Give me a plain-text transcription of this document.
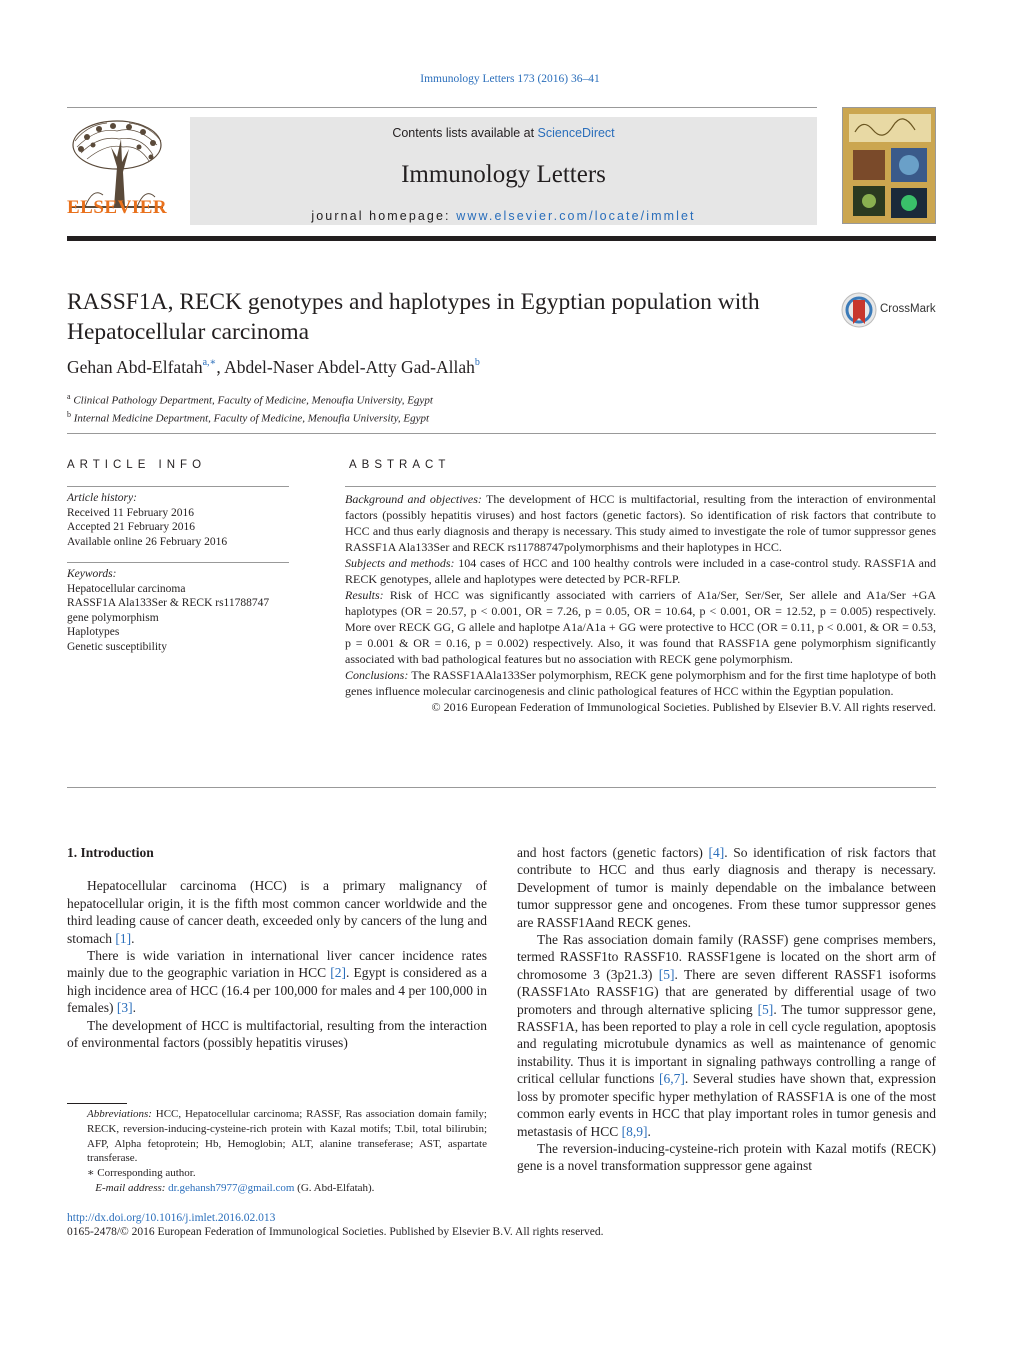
Immunology Letters 173 (2016) 36–41
ELSEVIER
Contents lists available at ScienceDirect
Immunology Letters
journal homepage: www.elsevier.com/locate/immlet
RASSF1A, RECK genotypes and haplotypes in Egyptian population with Hepatocellular carcinoma
CrossMark
Gehan Abd-Elfatah$^{a,∗}$, Abdel-Naser Abdel-Atty Gad-Allah$^b$
$^a$ Clinical Pathology Department, Faculty of Medicine, Menoufia University, Egypt
$^b$ Internal Medicine Department, Faculty of Medicine, Menoufia University, Egypt
ARTICLE INFO	ABSTRACT
Article history:
Received 11 February 2016
Accepted 21 February 2016
Available online 26 February 2016
Keywords:
Hepatocellular carcinoma
RASSF1A Ala133Ser & RECK rs11788747
gene polymorphism
Haplotypes
Genetic susceptibility

Background and objectives: The development of HCC is multifactorial, resulting from the interaction of environmental factors (possibly hepatitis viruses) and host factors (genetic factors). So identification of risk factors that contribute to HCC and thus early diagnosis and therapy is necessary. This study aimed to investigate the role of tumor suppressor genes RASSF1A Ala133Ser and RECK rs11788747polymorphisms and their haplotypes in HCC.

Subjects and methods: 104 cases of HCC and 100 healthy controls were included in a case-control study. RASSF1A and RECK genotypes, allele and haplotypes were detected by PCR-RFLP.

Results: Risk of HCC was significantly associated with carriers of A1a/Ser, Ser/Ser, Ser allele and A1a/Ser +GA haplotypes (OR = 20.57, p < 0.001, OR = 7.26, p = 0.05, OR = 10.64, p < 0.001, OR = 12.52, p = 0.005) respectively. More over RECK GG, G allele and haplotpe A1a/A1a + GG were protective to HCC (OR = 0.11, p < 0.001, & OR = 0.53, p = 0.001 & OR = 0.16, p = 0.002) respectively. Also, it was found that RASSF1A gene polymorphism significantly associated with bad pathological features but no association with RECK gene polymorphism.

Conclusions: The RASSF1AAla133Ser polymorphism, RECK gene polymorphism and for the first time haplotype of both genes influence molecular carcinogenesis and clinic pathological features of HCC within the Egyptian population.

© 2016 European Federation of Immunological Societies. Published by Elsevier B.V. All rights reserved.

1. Introduction

Hepatocellular carcinoma (HCC) is a primary malignancy of hepatocellular origin, it is the fifth most common cancer worldwide and the third leading cause of cancer death, exceeded only by cancers of the lung and stomach [1].

There is wide variation in international liver cancer incidence rates mainly due to the geographic variation in HCC [2]. Egypt is considered as a high incidence area of HCC (16.4 per 100,000 for males and 4 per 100,000 in females) [3].

The development of HCC is multifactorial, resulting from the interaction of environmental factors (possibly hepatitis viruses)

and host factors (genetic factors) [4]. So identification of risk factors that contribute to HCC and thus early diagnosis and therapy is necessary. Development of tumor is mainly dependable on the imbalance between tumor suppressor gene and oncogenes. From these tumor suppressor genes are RASSF1Aand RECK genes.

The Ras association domain family (RASSF) gene comprises members, termed RASSF1to RASSF10. RASSF1gene is located on the short arm of chromosome 3 (3p21.3) [5]. There are seven different RASSF1 isoforms (RASSF1Ato RASSF1G) that are generated by differential usage of two promoters and through alternative splicing [5]. The tumor suppressor gene, RASSF1A, has been reported to play a role in cell cycle regulation, apoptosis and regulating microtubule dynamics as well as maintenance of genomic instability. Thus it is important in signaling pathways controlling a range of critical cellular functions [6,7]. Several studies have shown that, expression loss by promoter specific hyper methylation of RASSF1A is one of the most common early events in HCC that play important roles in tumor genesis and metastasis of HCC [8,9].

The reversion-inducing-cysteine-rich protein with Kazal motifs (RECK) gene is a novel transformation suppressor gene against

Abbreviations: HCC, Hepatocellular carcinoma; RASSF, Ras association domain family; RECK, reversion-inducing-cysteine-rich protein with Kazal motifs; T.bil, total bilirubin; AFP, Alpha fetoprotein; Hb, Hemoglobin; ALT, alanine transeferase; AST, aspartate transferase.
∗ Corresponding author.
E-mail address: dr.gehansh7977@gmail.com (G. Abd-Elfatah).
http://dx.doi.org/10.1016/j.imlet.2016.02.013
0165-2478/© 2016 European Federation of Immunological Societies. Published by Elsevier B.V. All rights reserved.
